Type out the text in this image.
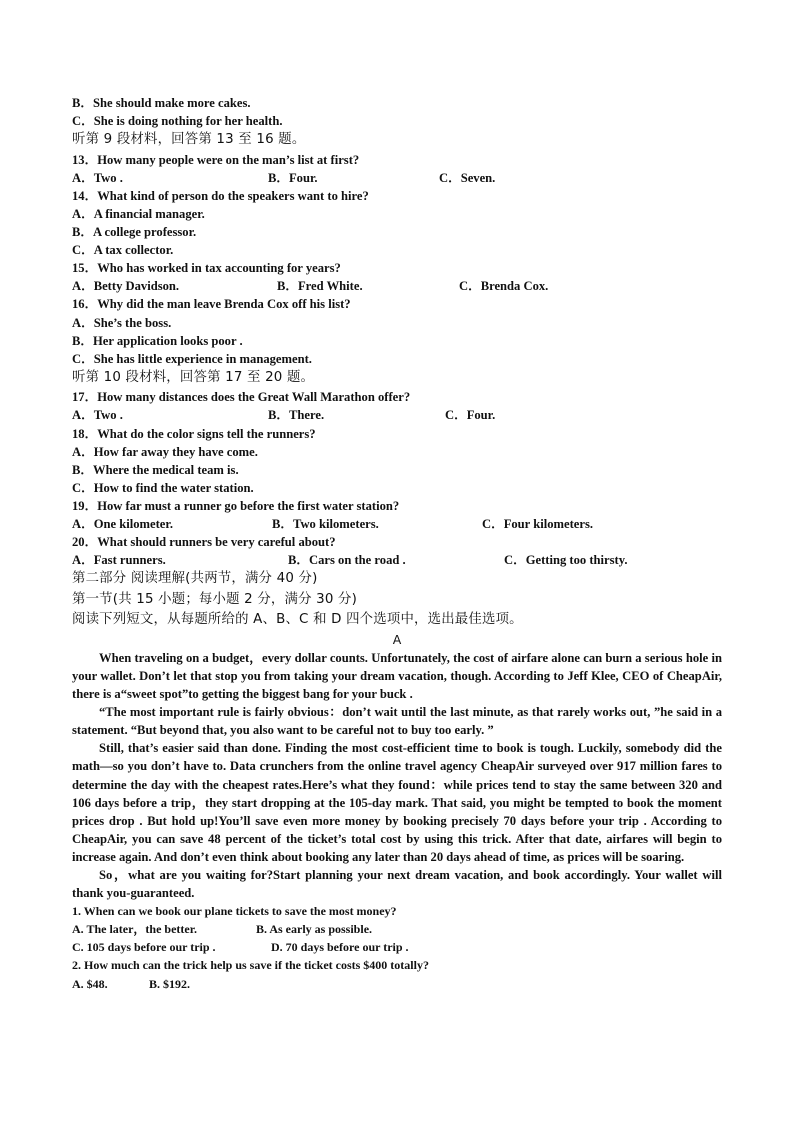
B．She should make more cakes.
C．She is doing nothing for her health.
听第 9 段材料，回答第 13 至 16 题。
13．How many people were on the man’s list at first?
A．Two .	B．Four.	C．Seven.
14．What kind of person do the speakers want to hire?
A．A financial manager.
B．A college professor.
C．A tax collector.
15．Who has worked in tax accounting for years?
A．Betty Davidson.	B．Fred White.	C．Brenda Cox.
16．Why did the man leave Brenda Cox off his list?
A．She’s the boss.
B．Her application looks poor .
C．She has little experience in management.
听第 10 段材料，回答第 17 至 20 题。
17．How many distances does the Great Wall Marathon offer?
A．Two .	B．There.	C．Four.
18．What do the color signs tell the runners?
A．How far away they have come.
B．Where the medical team is.
C．How to find the water station.
19．How far must a runner go before the first water station?
A．One kilometer.	B．Two kilometers.	C．Four kilometers.
20．What should runners be very careful about?
A．Fast runners.	B．Cars on the road .	C．Getting too thirsty.
第二部分 阅读理解(共两节，满分 40 分)
第一节(共 15 小题；每小题 2 分，满分 30 分)
阅读下列短文，从每题所给的 A、B、C 和 D 四个选项中，选出最佳选项。
A
When traveling on a budget，every dollar counts. Unfortunately, the cost of airfare alone can burn a serious hole in your wallet. Don’t let that stop you from taking your dream vacation, though. According to Jeff Klee, CEO of CheapAir, there is a“sweet spot”to getting the biggest bang for your buck .
“The most important rule is fairly obvious：don’t wait until the last minute, as that rarely works out, ”he said in a statement. “But beyond that, you also want to be careful not to buy too early. ”
Still, that’s easier said than done. Finding the most cost-efficient time to book is tough. Luckily, somebody did the math—so you don’t have to. Data crunchers from the online travel agency CheapAir surveyed over 917 million fares to determine the day with the cheapest rates.Here’s what they found：while prices tend to stay the same between 320 and 106 days before a trip，they start dropping at the 105-day mark. That said, you might be tempted to book the moment prices drop . But hold up!You’ll save even more money by booking precisely 70 days before your trip . According to CheapAir, you can save 48 percent of the ticket’s total cost by using this trick. After that date, airfares will begin to increase again. And don’t even think about booking any later than 20 days ahead of time, as prices will be soaring.
So，what are you waiting for?Start planning your next dream vacation, and book accordingly. Your wallet will thank you-guaranteed.
1. When can we book our plane tickets to save the most money?
A. The later，the better.	B. As early as possible.
C. 105 days before our trip .	D. 70 days before our trip .
2. How much can the trick help us save if the ticket costs $400 totally?
A. $48.	B. $192.
